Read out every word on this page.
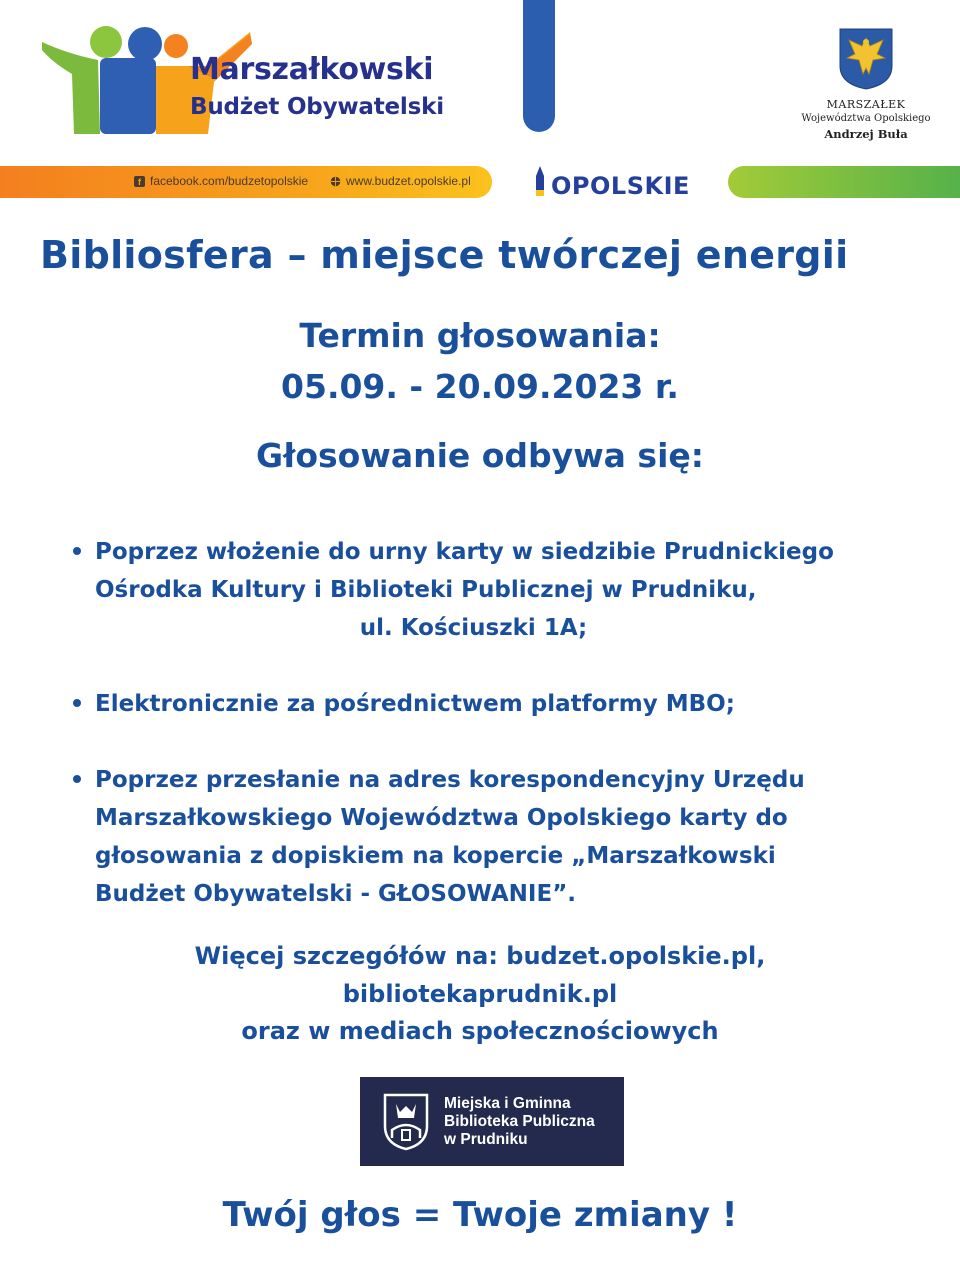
Marszałkowski
Budżet Obywatelski
f facebook.com/budzetopolskie	www.budzet.opolskie.pl	OPOLSKIE
MARSZAŁEK
Województwa Opolskiego
Andrzej Buła
Bibliosfera – miejsce twórczej energii
Termin głosowania:
05.09. - 20.09.2023 r.
Głosowanie odbywa się:
Poprzez włożenie do urny karty w siedzibie Prudnickiego
Ośrodka Kultury i Biblioteki Publicznej w Prudniku,
ul. Kościuszki 1A;
Elektronicznie za pośrednictwem platformy MBO;
Poprzez przesłanie na adres korespondencyjny Urzędu
Marszałkowskiego Województwa Opolskiego karty do
głosowania z dopiskiem na kopercie „Marszałkowski
Budżet Obywatelski - GŁOSOWANIE”.
Więcej szczegółów na: budzet.opolskie.pl,
bibliotekaprudnik.pl
oraz w mediach społecznościowych
Miejska i Gminna
Biblioteka Publiczna
w Prudniku
Twój głos = Twoje zmiany !
